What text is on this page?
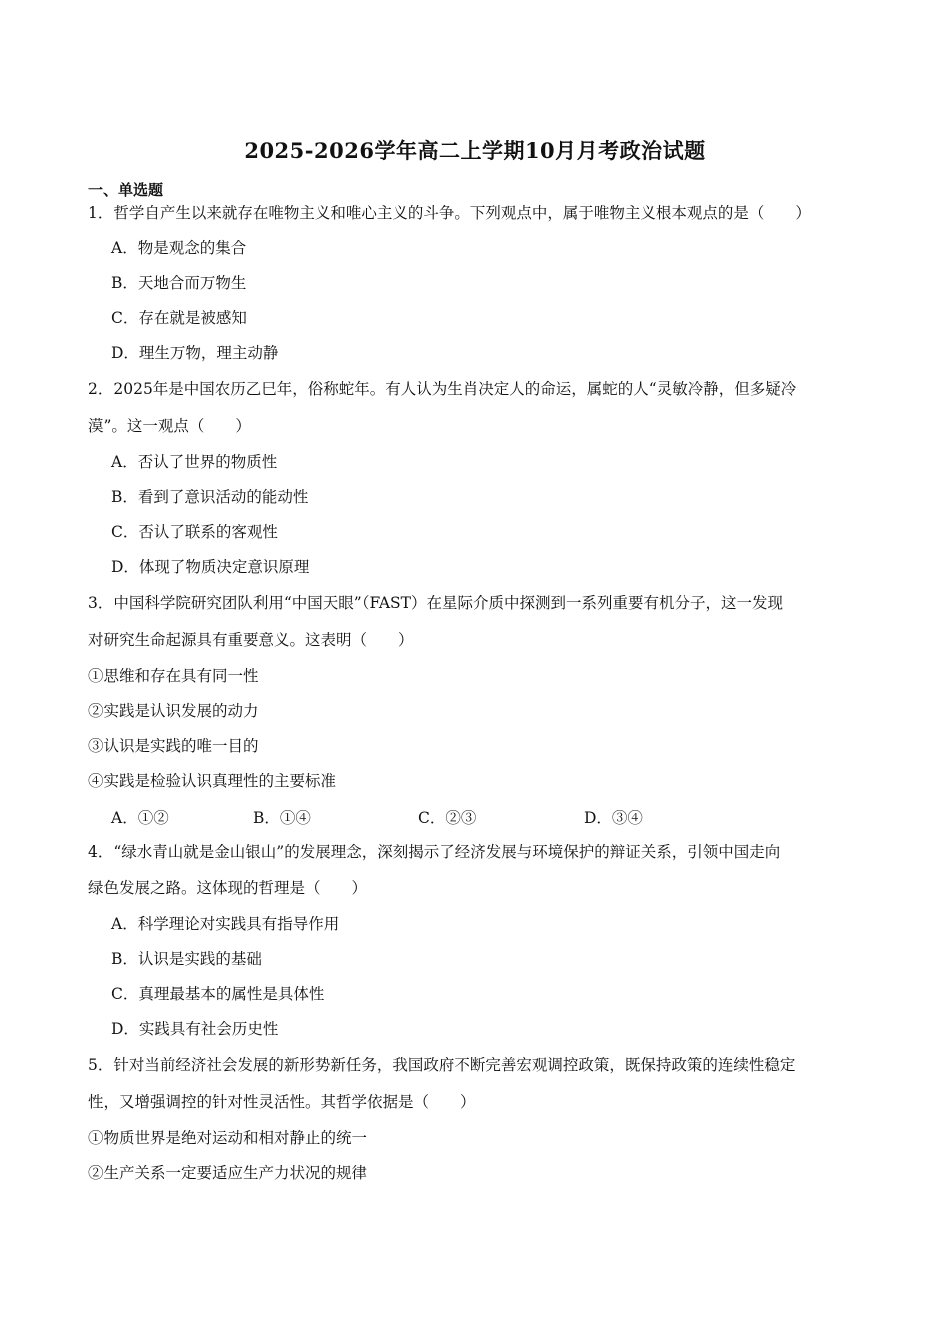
2025-2026学年高二上学期10月月考政治试题
一、单选题
1．哲学自产生以来就存在唯物主义和唯心主义的斗争。下列观点中，属于唯物主义根本观点的是（　　）
A．物是观念的集合
B．天地合而万物生
C．存在就是被感知
D．理生万物，理主动静
2．2025年是中国农历乙巳年，俗称蛇年。有人认为生肖决定人的命运，属蛇的人“灵敏冷静，但多疑冷
漠”。这一观点（　　）
A．否认了世界的物质性
B．看到了意识活动的能动性
C．否认了联系的客观性
D．体现了物质决定意识原理
3．中国科学院研究团队利用“中国天眼”（FAST）在星际介质中探测到一系列重要有机分子，这一发现
对研究生命起源具有重要意义。这表明（　　）
①思维和存在具有同一性
②实践是认识发展的动力
③认识是实践的唯一目的
④实践是检验认识真理性的主要标准
A．①②	B．①④	C．②③	D．③④
4．“绿水青山就是金山银山”的发展理念，深刻揭示了经济发展与环境保护的辩证关系，引领中国走向
绿色发展之路。这体现的哲理是（　　）
A．科学理论对实践具有指导作用
B．认识是实践的基础
C．真理最基本的属性是具体性
D．实践具有社会历史性
5．针对当前经济社会发展的新形势新任务，我国政府不断完善宏观调控政策，既保持政策的连续性稳定
性，又增强调控的针对性灵活性。其哲学依据是（　　）
①物质世界是绝对运动和相对静止的统一
②生产关系一定要适应生产力状况的规律
